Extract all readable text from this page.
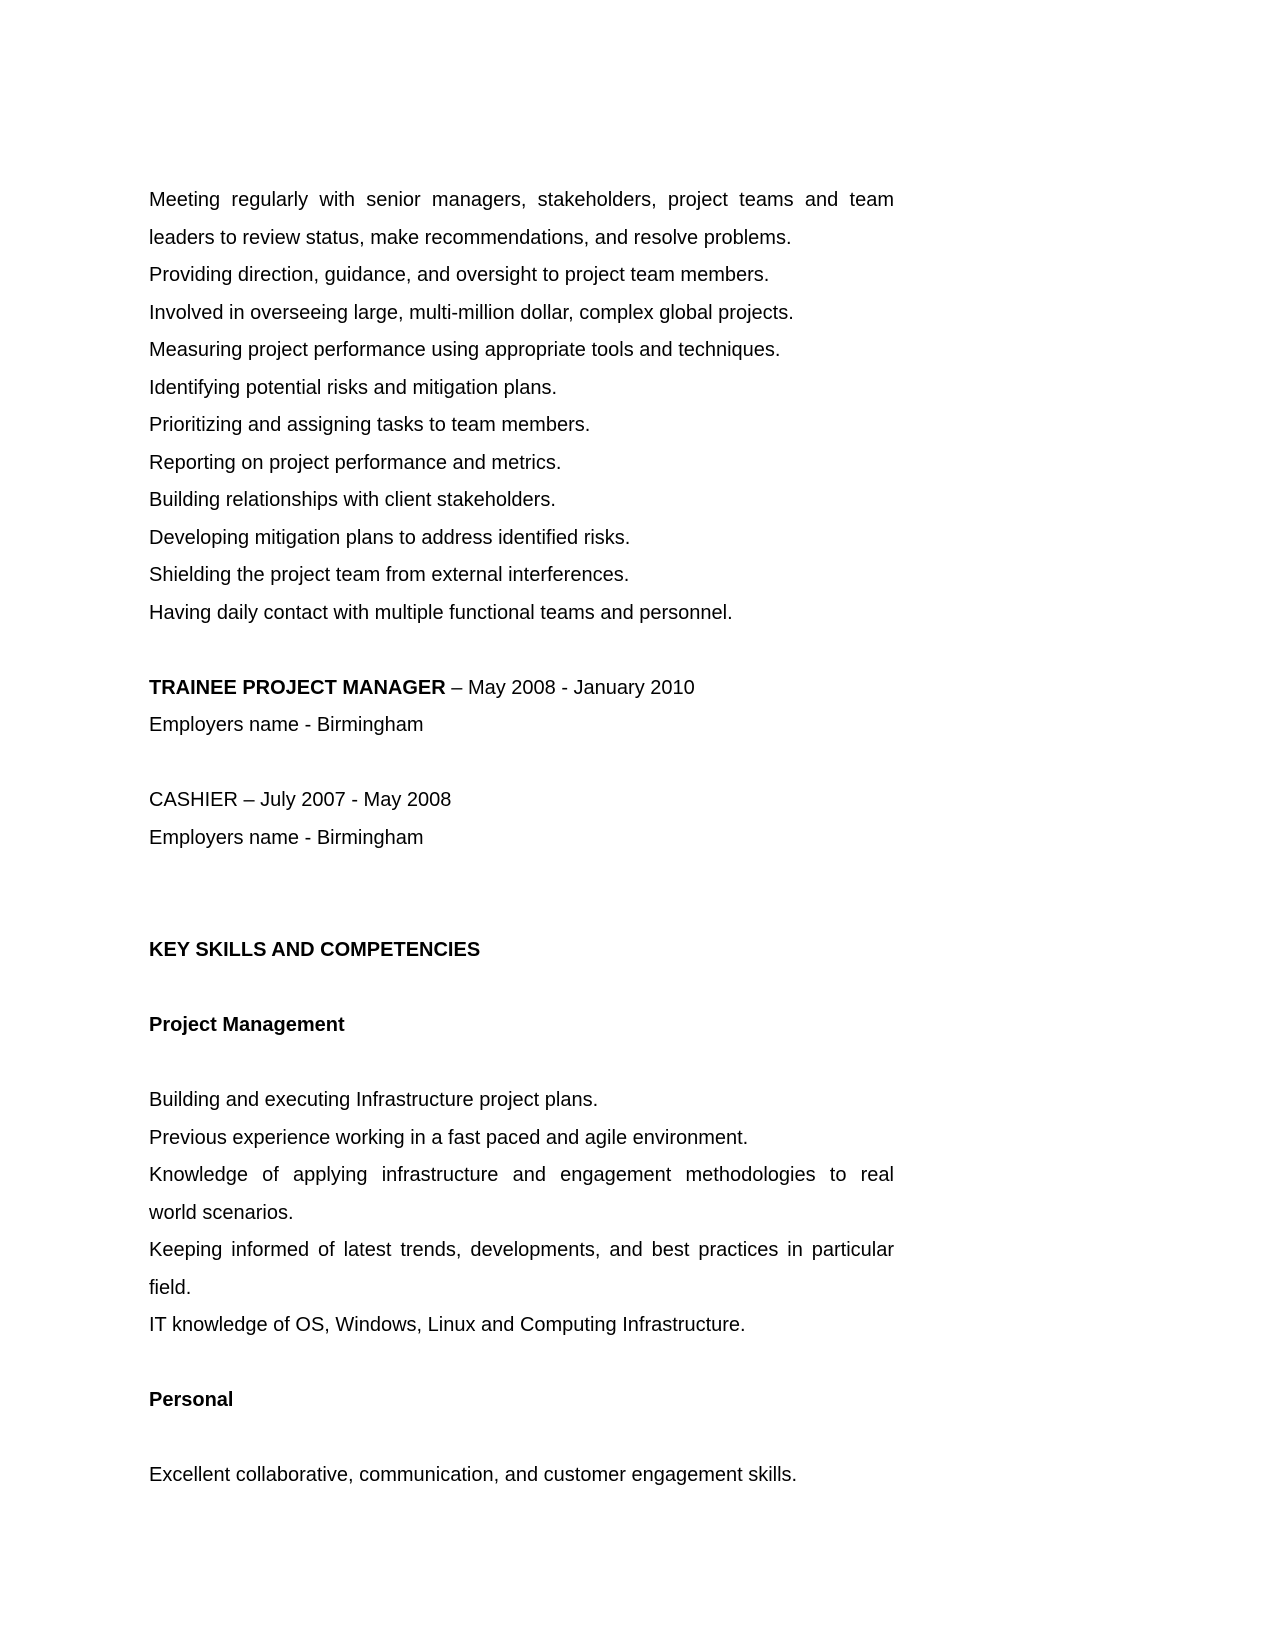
Meeting regularly with senior managers, stakeholders, project teams and team
leaders to review status, make recommendations, and resolve problems.
Providing direction, guidance, and oversight to project team members.
Involved in overseeing large, multi-million dollar, complex global projects.
Measuring project performance using appropriate tools and techniques.
Identifying potential risks and mitigation plans.
Prioritizing and assigning tasks to team members.
Reporting on project performance and metrics.
Building relationships with client stakeholders.
Developing mitigation plans to address identified risks.
Shielding the project team from external interferences.
Having daily contact with multiple functional teams and personnel.
TRAINEE PROJECT MANAGER – May 2008 - January 2010
Employers name - Birmingham
CASHIER – July 2007 - May 2008
Employers name - Birmingham
KEY SKILLS AND COMPETENCIES
Project Management
Building and executing Infrastructure project plans.
Previous experience working in a fast paced and agile environment.
Knowledge of applying infrastructure and engagement methodologies to real
world scenarios.
Keeping informed of latest trends, developments, and best practices in particular
field.
IT knowledge of OS, Windows, Linux and Computing Infrastructure.
Personal
Excellent collaborative, communication, and customer engagement skills.
